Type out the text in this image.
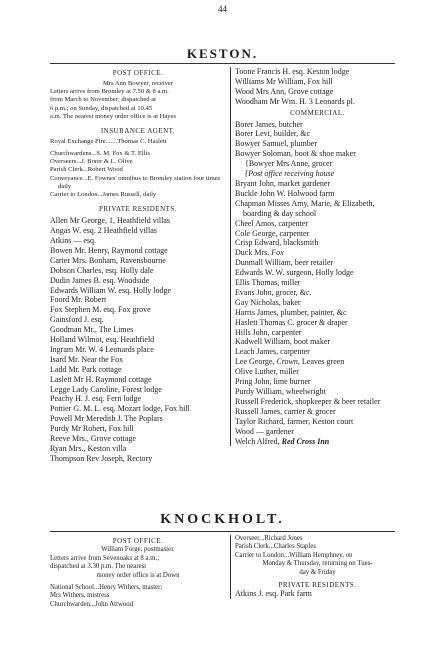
44
KESTON.
POST OFFICE.
Mrs Ann Bowyer, receiver
Letters arrive from Bromley at 7.50 & 8 a.m.
from March to November; dispatched at
6 p.m.; on Sunday, dispatched at 10.45
a.m. The nearest money order office is at Hayes
INSURANCE AGENT.
Royal Exchange Fire.......Thomas C. Haslett
Churchwardens...S. M. Fox & T. Ellis
Overseers...J. Borer & L. Olive
Parish Clerk...Robert Wood
Conveyance...E. Fownes' omnibus to Bromley station four times daily
Carrier to London...James Russell, daily
PRIVATE RESIDENTS.
Allen Mr George, 1, Heathfield villas
Angas W. esq. 2 Heathfield villas
Atkins — esq.
Bowen Mr. Henry, Raymond cottage
Carter Mrs. Bonham, Ravensbourne
Dobson Charles, esq. Holly dale
Dudin James B. esq. Woodside
Edwards William W. esq. Holly lodge
Foord Mr. Robert
Fox Stephen M. esq. Fox grove
Gainsford J. esq.
Goodman Mr., The Limes
Holland Wilmot, esq. Heathfield
Ingram Mr. W. 4 Leonards place
Isard Mr. Near the Fox
Ladd Mr. Park cottage
Laslett Mr H. Raymond cottage
Legge Lady Caroline, Forest lodge
Peachy H. J. esq. Fern lodge
Pottier G. M. L. esq. Mozart lodge, Fox hill
Powell Mr Meredith J. The Poplars
Purdy Mr Robert, Fox hill
Reeve Mrs., Grove cottage
Ryan Mrs., Keston villa
Thompson Rev Joseph, Rectory
Toone Francis H. esq. Keston lodge
Williams Mr William, Fox hill
Wood Mrs Ann, Grove cottage
Woodham Mr Wm. H. 3 Leonards pl.
COMMERCIAL.
Borer James, butcher
Borer Levi, builder, &c
Bowyer Samuel, plumber
Bowyer Soloman, boot & shoe maker
{Bowyer Mrs Anne, grocer
{Post office receiving house
Bryant John, market gardener
Buckle John W. Holwood farm
Chapman Misses Amy, Marie, & Elizabeth, boarding & day school
Cheel Amos, carpenter
Cole George, carpenter
Crisp Edward, blacksmith
Duck Mrs. Fox
Dunmall William, beer retailer
Edwards W. W. surgeon, Holly lodge
Ellis Thomas, miller
Evans John, grocer, &c.
Gay Nicholas, baker
Harris James, plumber, painter, &c
Haslett Thomas C. grocer & draper
Hills John, carpenter
Kadwell William, boot maker
Leach James, carpenter
Lee George, Crown, Leaves green
Olive Luther, miller
Pring John, lime burner
Purdy William, wheelwright
Russell Frederick, shopkeeper & beer retailer
Russell James, carrier & grocer
Taylor Richard, farmer, Keston court
Wood — gardener
Welch Alfred, Red Cross Inn
KNOCKHOLT.
POST OFFICE.
William Forge, postmaster.
Letters arrive from Sevenoaks at 8 a.m.;
dispatched at 3.30 p.m. The nearest
money order office is at Down
National School...Henry Withers, master;
Mrs Withers, mistress
Churchwarden...John Attwood
Overseer...Richard Jones
Parish Clerk...Charles Staples
Carrier to London...William Hemphney, on
Monday & Thursday, returning on Tues-
day & Friday
PRIVATE RESIDENTS.
Atkins J. esq. Park farm
